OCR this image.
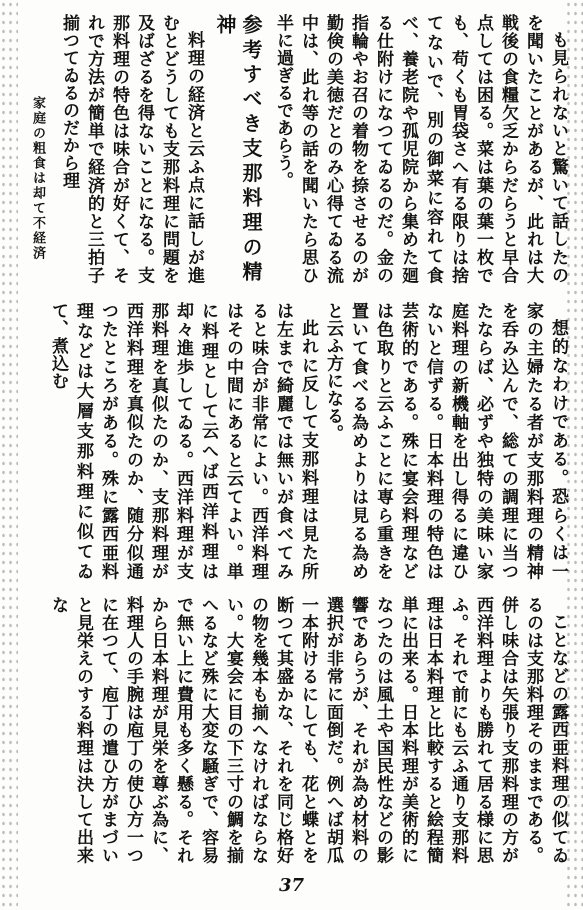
家庭の粗食は却て不経済	も見られないと驚いて話したのを聞いたことがあるが、此れは大戦後の食糧欠乏からだらうと早合点しては困る。菜は葉の葉一枚でも、苟くも胃袋さへ有る限りは捨てないで、別の御菜に容れて食べ、養老院や孤児院から集めた廻る仕附けになつてゐるのだ。金の指輪やお召の着物を捺させるのが勤倹の美徳だとのみ心得てゐる流中は、此れ等の話を聞いたら思ひ半に過ぎるであらう。

参考すべき支那料理の精神

料理の経済と云ふ点に話しが進むとどうしても支那料理に問題を及ばざるを得ないことになる。支那料理の特色は味合が好くて、それで方法が簡単で経済的と三拍子揃つてゐるのだから理

想的なわけである。恐らくは一家の主婦たる者が支那料理の精神を呑み込んで、総ての調理に当つたならば、必ずや独特の美味い家庭料理の新機軸を出し得るに違ひないと信ずる。日本料理の特色は芸術的である。殊に宴会料理などは色取りと云ふことに専ら重きを置いて食べる為めよりは見る為めと云ふ方になる。

此れに反して支那料理は見た所は左まで綺麗では無いが食べてみると味合が非常によい。西洋料理はその中間にあると云てよい。単に料理として云へば西洋料理は却々進歩してゐる。西洋料理が支那料理を真似たのか、支那料理が西洋料理を真似たのか、随分似通つたところがある。殊に露西亜料理などは大層支那料理に似てゐて、煮込む

ことなどの露西亜料理の似てゐるのは支那料理そのままである。併し味合は矢張り支那料理の方が西洋料理よりも勝れて居る様に思ふ。それで前にも云ふ通り支那料理は日本料理と比較すると絵程簡単に出来る。日本料理が美術的になつたのは風土や国民性などの影響であらうが、それが為め材料の選択が非常に面倒だ。例へば胡瓜一本附けるにしても、花と蝶とを断つて其盛かな、それを同じ格好の物を幾本も揃へなければならない。大宴会に目の下三寸の鯛を揃へるなど殊に大変な騒ぎで、容易で無い上に費用も多く懸る。それから日本料理が見栄を尊ぶ為に、料理人の手腕は庖丁の使ひ方一つに在つて、庖丁の遣ひ方がまづいと見栄えのする料理は決して出来な

37
